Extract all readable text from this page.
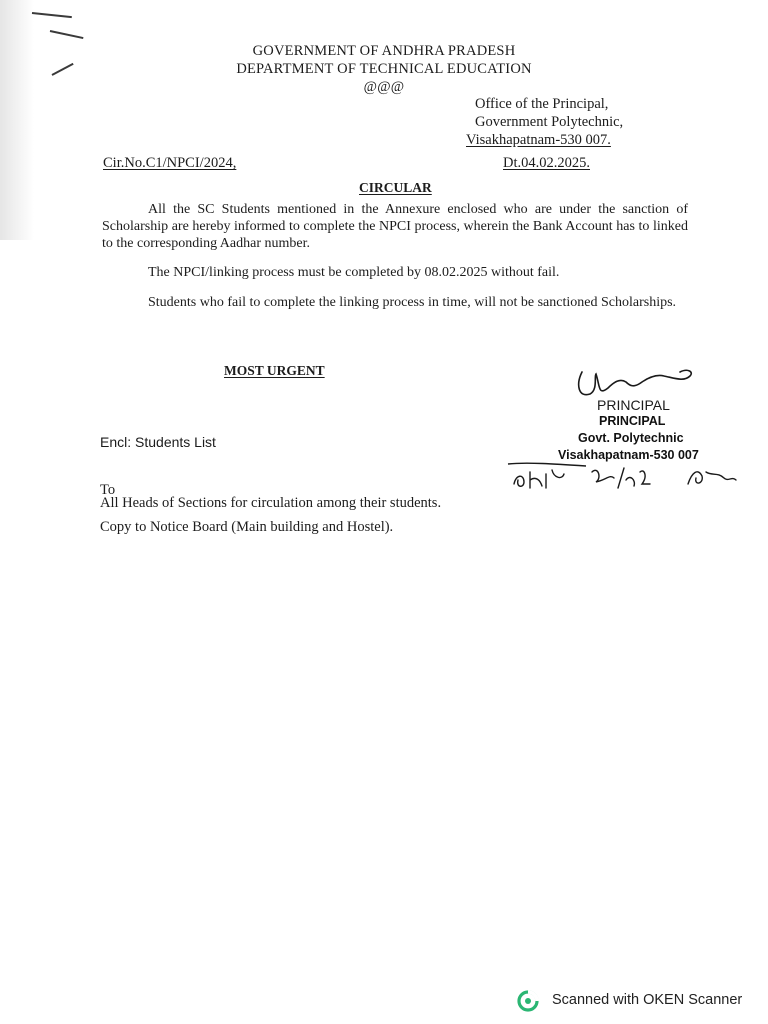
GOVERNMENT OF ANDHRA PRADESH
DEPARTMENT OF TECHNICAL EDUCATION
@@@
Office of the Principal,
Government Polytechnic,
Visakhapatnam-530 007.
Cir.No.C1/NPCI/2024,	Dt.04.02.2025.
CIRCULAR
All the SC Students mentioned in the Annexure enclosed who are under the sanction of Scholarship are hereby informed to complete the NPCI process, wherein the Bank Account has to linked to the corresponding Aadhar number.
The NPCI/linking process must be completed by 08.02.2025 without fail.
Students who fail to complete the linking process in time, will not be sanctioned Scholarships.
MOST URGENT
PRINCIPAL
PRINCIPAL
Govt. Polytechnic
Visakhapatnam-530 007
Encl: Students List
To
All Heads of Sections for circulation among their students.
Copy to Notice Board (Main building and Hostel).
Scanned with OKEN Scanner
